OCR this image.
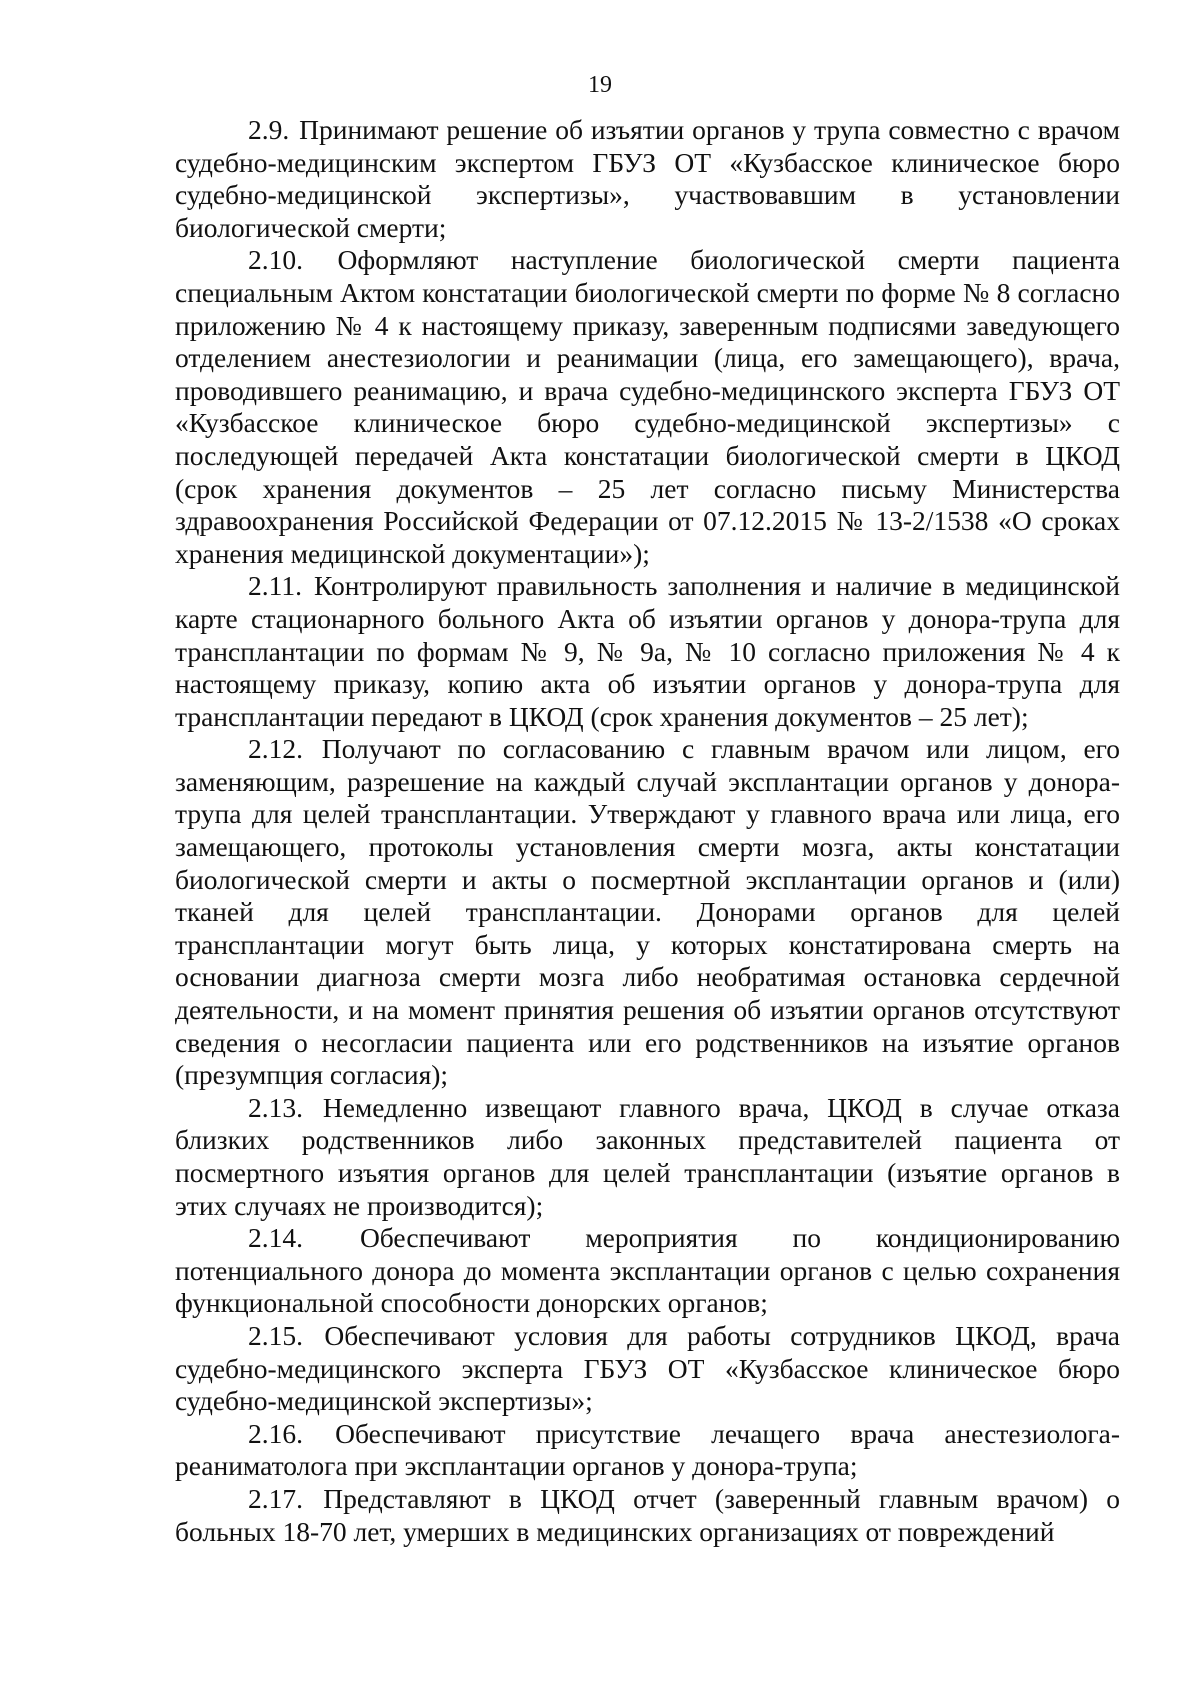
19

2.9. Принимают решение об изъятии органов у трупа совместно с врачом судебно-медицинским экспертом ГБУЗ ОТ «Кузбасское клиническое бюро судебно-медицинской экспертизы», участвовавшим в установлении биологической смерти;

2.10. Оформляют наступление биологической смерти пациента специальным Актом констатации биологической смерти по форме № 8 согласно приложению № 4 к настоящему приказу, заверенным подписями заведующего отделением анестезиологии и реанимации (лица, его замещающего), врача, проводившего реанимацию, и врача судебно-медицинского эксперта ГБУЗ ОТ «Кузбасское клиническое бюро судебно-медицинской экспертизы» с последующей передачей Акта констатации биологической смерти в ЦКОД (срок хранения документов – 25 лет согласно письму Министерства здравоохранения Российской Федерации от 07.12.2015 № 13-2/1538 «О сроках хранения медицинской документации»);

2.11. Контролируют правильность заполнения и наличие в медицинской карте стационарного больного Акта об изъятии органов у донора-трупа для трансплантации по формам № 9, № 9а, № 10 согласно приложения № 4 к настоящему приказу, копию акта об изъятии органов у донора-трупа для трансплантации передают в ЦКОД (срок хранения документов – 25 лет);

2.12. Получают по согласованию с главным врачом или лицом, его заменяющим, разрешение на каждый случай эксплантации органов у донора-трупа для целей трансплантации. Утверждают у главного врача или лица, его замещающего, протоколы установления смерти мозга, акты констатации биологической смерти и акты о посмертной эксплантации органов и (или) тканей для целей трансплантации. Донорами органов для целей трансплантации могут быть лица, у которых констатирована смерть на основании диагноза смерти мозга либо необратимая остановка сердечной деятельности, и на момент принятия решения об изъятии органов отсутствуют сведения о несогласии пациента или его родственников на изъятие органов (презумпция согласия);

2.13. Немедленно извещают главного врача, ЦКОД в случае отказа близких родственников либо законных представителей пациента от посмертного изъятия органов для целей трансплантации (изъятие органов в этих случаях не производится);

2.14. Обеспечивают мероприятия по кондиционированию потенциального донора до момента эксплантации органов с целью сохранения функциональной способности донорских органов;

2.15. Обеспечивают условия для работы сотрудников ЦКОД, врача судебно-медицинского эксперта ГБУЗ ОТ «Кузбасское клиническое бюро судебно-медицинской экспертизы»;

2.16. Обеспечивают присутствие лечащего врача анестезиолога-реаниматолога при эксплантации органов у донора-трупа;

2.17. Представляют в ЦКОД отчет (заверенный главным врачом) о больных 18-70 лет, умерших в медицинских организациях от повреждений
